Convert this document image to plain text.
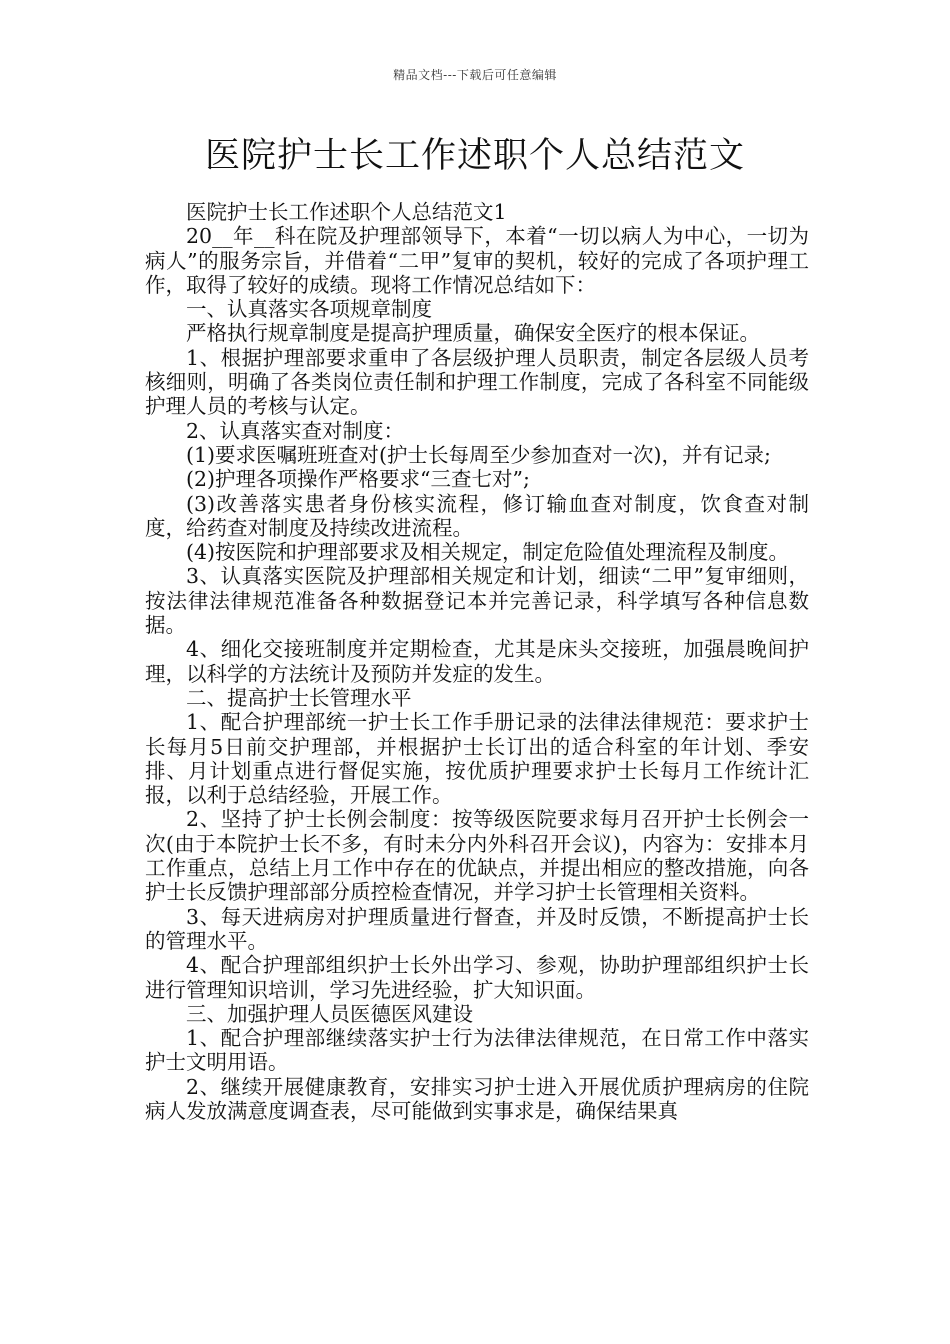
精品文档---下载后可任意编辑
医院护士长工作述职个人总结范文

医院护士长工作述职个人总结范文1

20__年__科在院及护理部领导下，本着“一切以病人为中心，一切为病人”的服务宗旨，并借着“二甲”复审的契机，较好的完成了各项护理工作，取得了较好的成绩。现将工作情况总结如下：

一、认真落实各项规章制度

严格执行规章制度是提高护理质量，确保安全医疗的根本保证。

1、根据护理部要求重申了各层级护理人员职责，制定各层级人员考核细则，明确了各类岗位责任制和护理工作制度，完成了各科室不同能级护理人员的考核与认定。

2、认真落实查对制度：

(1)要求医嘱班班查对(护士长每周至少参加查对一次)，并有记录;

(2)护理各项操作严格要求“三查七对”;

(3)改善落实患者身份核实流程，修订输血查对制度，饮食查对制度，给药查对制度及持续改进流程。

(4)按医院和护理部要求及相关规定，制定危险值处理流程及制度。

3、认真落实医院及护理部相关规定和计划，细读“二甲”复审细则，按法律法律规范准备各种数据登记本并完善记录，科学填写各种信息数据。

4、细化交接班制度并定期检查，尤其是床头交接班，加强晨晚间护理，以科学的方法统计及预防并发症的发生。

二、提高护士长管理水平

1、配合护理部统一护士长工作手册记录的法律法律规范：要求护士长每月5日前交护理部，并根据护士长订出的适合科室的年计划、季安排、月计划重点进行督促实施，按优质护理要求护士长每月工作统计汇报，以利于总结经验，开展工作。

2、坚持了护士长例会制度：按等级医院要求每月召开护士长例会一次(由于本院护士长不多，有时未分内外科召开会议)，内容为：安排本月工作重点，总结上月工作中存在的优缺点，并提出相应的整改措施，向各护士长反馈护理部部分质控检查情况，并学习护士长管理相关资料。

3、每天进病房对护理质量进行督查，并及时反馈，不断提高护士长的管理水平。

4、配合护理部组织护士长外出学习、参观，协助护理部组织护士长进行管理知识培训，学习先进经验，扩大知识面。

三、加强护理人员医德医风建设

1、配合护理部继续落实护士行为法律法律规范，在日常工作中落实护士文明用语。

2、继续开展健康教育，安排实习护士进入开展优质护理病房的住院病人发放满意度调查表，尽可能做到实事求是，确保结果真
